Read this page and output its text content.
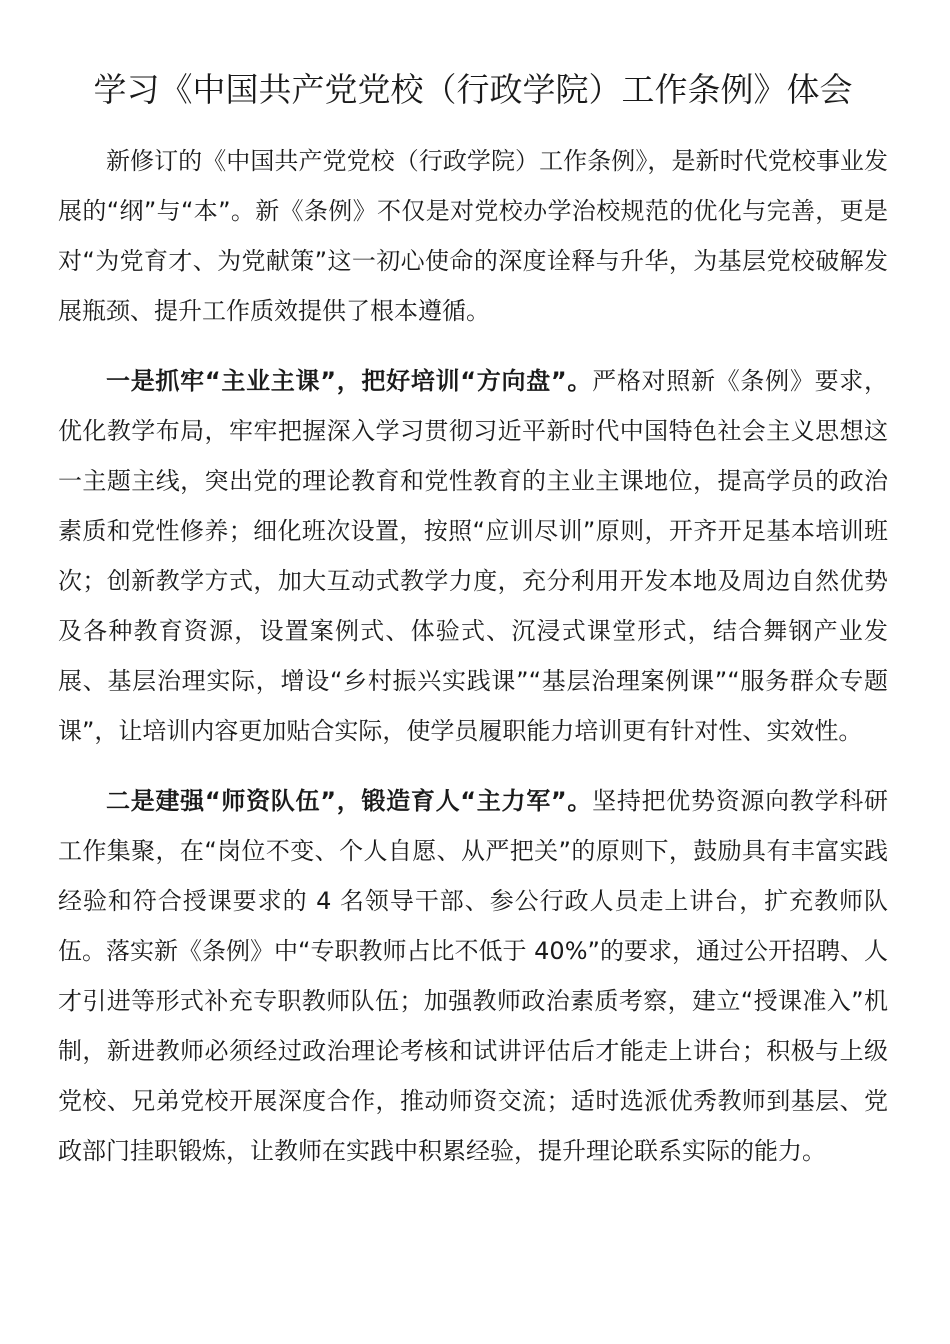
学习《中国共产党党校（行政学院）工作条例》体会

新修订的《中国共产党党校（行政学院）工作条例》，是新时代党校事业发展的“纲”与“本”。新《条例》不仅是对党校办学治校规范的优化与完善，更是对“为党育才、为党献策”这一初心使命的深度诠释与升华，为基层党校破解发展瓶颈、提升工作质效提供了根本遵循。

一是抓牢“主业主课”，把好培训“方向盘”。严格对照新《条例》要求，优化教学布局，牢牢把握深入学习贯彻习近平新时代中国特色社会主义思想这一主题主线，突出党的理论教育和党性教育的主业主课地位，提高学员的政治素质和党性修养；细化班次设置，按照“应训尽训”原则，开齐开足基本培训班次；创新教学方式，加大互动式教学力度，充分利用开发本地及周边自然优势及各种教育资源，设置案例式、体验式、沉浸式课堂形式，结合舞钢产业发展、基层治理实际，增设“乡村振兴实践课”“基层治理案例课”“服务群众专题课”，让培训内容更加贴合实际，使学员履职能力培训更有针对性、实效性。

二是建强“师资队伍”，锻造育人“主力军”。坚持把优势资源向教学科研工作集聚，在“岗位不变、个人自愿、从严把关”的原则下，鼓励具有丰富实践经验和符合授课要求的 4 名领导干部、参公行政人员走上讲台，扩充教师队伍。落实新《条例》中“专职教师占比不低于 40%”的要求，通过公开招聘、人才引进等形式补充专职教师队伍；加强教师政治素质考察，建立“授课准入”机制，新进教师必须经过政治理论考核和试讲评估后才能走上讲台；积极与上级党校、兄弟党校开展深度合作，推动师资交流；适时选派优秀教师到基层、党政部门挂职锻炼，让教师在实践中积累经验，提升理论联系实际的能力。
